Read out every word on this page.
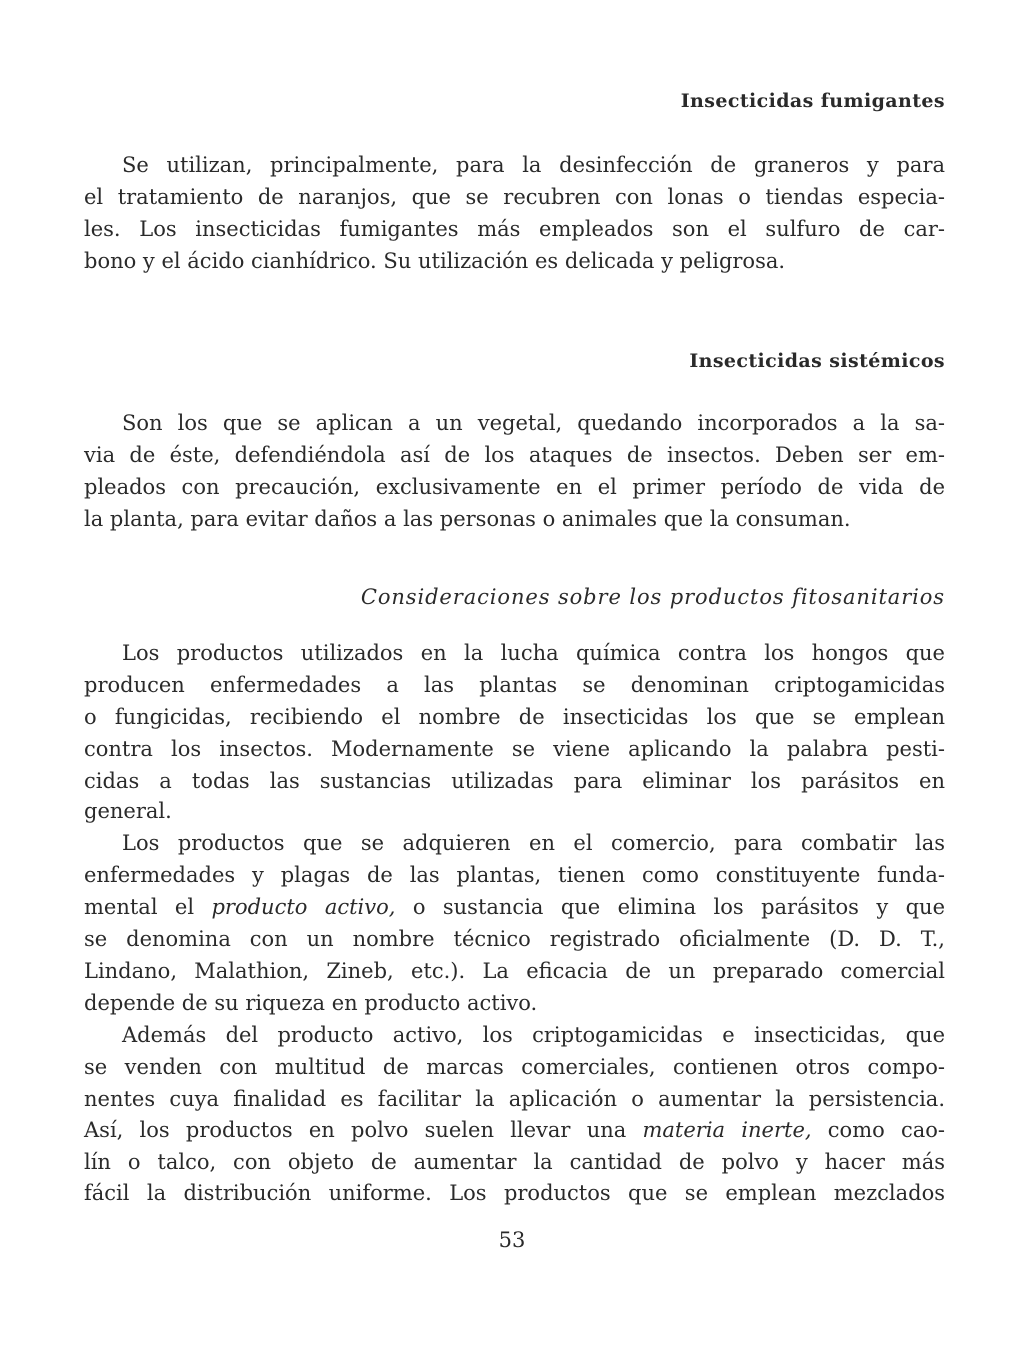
Insecticidas fumigantes
Se utilizan, principalmente, para la desinfección de graneros y para
el tratamiento de naranjos, que se recubren con lonas o tiendas especia-
les. Los insecticidas fumigantes más empleados son el sulfuro de car-
bono y el ácido cianhídrico. Su utilización es delicada y peligrosa.
Insecticidas sistémicos
Son los que se aplican a un vegetal, quedando incorporados a la sa-
via de éste, defendiéndola así de los ataques de insectos. Deben ser em-
pleados con precaución, exclusivamente en el primer período de vida de
la planta, para evitar daños a las personas o animales que la consuman.
Consideraciones sobre los productos fitosanitarios
Los productos utilizados en la lucha química contra los hongos que
producen enfermedades a las plantas se denominan criptogamicidas
o fungicidas, recibiendo el nombre de insecticidas los que se emplean
contra los insectos. Modernamente se viene aplicando la palabra pesti-
cidas a todas las sustancias utilizadas para eliminar los parásitos en
general.
Los productos que se adquieren en el comercio, para combatir las
enfermedades y plagas de las plantas, tienen como constituyente funda-
mental el producto activo, o sustancia que elimina los parásitos y que
se denomina con un nombre técnico registrado oficialmente (D. D. T.,
Lindano, Malathion, Zineb, etc.). La eficacia de un preparado comercial
depende de su riqueza en producto activo.
Además del producto activo, los criptogamicidas e insecticidas, que
se venden con multitud de marcas comerciales, contienen otros compo-
nentes cuya finalidad es facilitar la aplicación o aumentar la persistencia.
Así, los productos en polvo suelen llevar una materia inerte, como cao-
lín o talco, con objeto de aumentar la cantidad de polvo y hacer más
fácil la distribución uniforme. Los productos que se emplean mezclados
53
